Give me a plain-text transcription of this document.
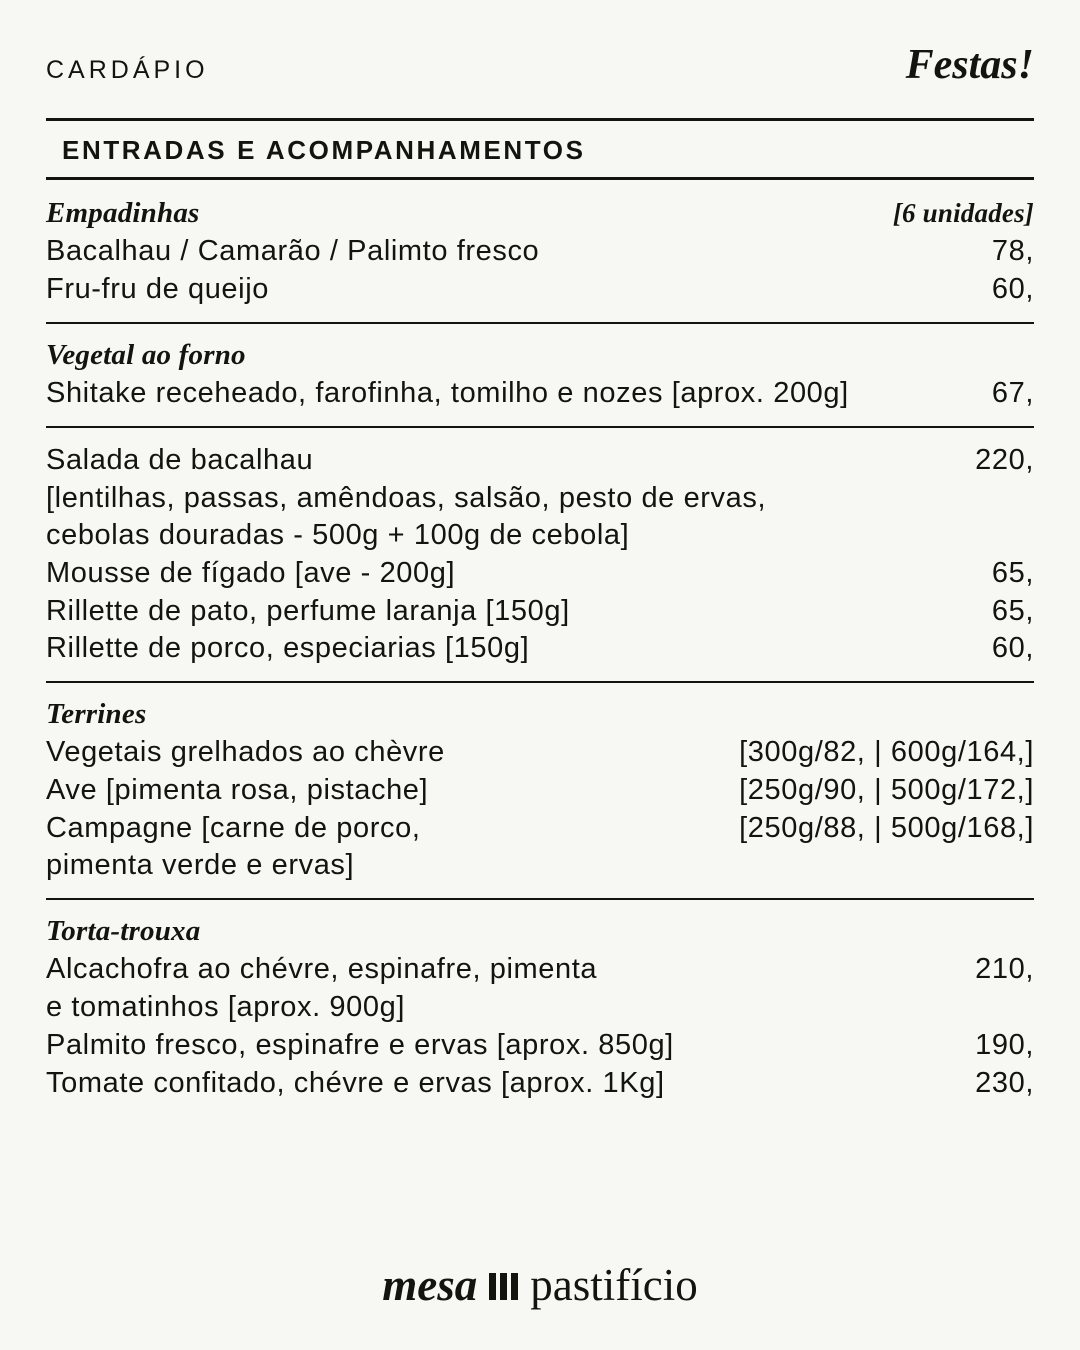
CARDÁPIO	Festas!
ENTRADAS E ACOMPANHAMENTOS
Empadinhas	[6 unidades]
Bacalhau / Camarão / Palimto fresco	78,
Fru-fru de queijo	60,
Vegetal ao forno
Shitake receheado, farofinha, tomilho e nozes [aprox. 200g]	67,
Salada de bacalhau	220,
[lentilhas, passas, amêndoas, salsão, pesto de ervas,
cebolas douradas - 500g + 100g de cebola]
Mousse de fígado [ave - 200g]	65,
Rillette de pato, perfume laranja [150g]	65,
Rillette de porco, especiarias [150g]	60,
Terrines
Vegetais grelhados ao chèvre	[300g/82, | 600g/164,]
Ave [pimenta rosa, pistache]	[250g/90, | 500g/172,]
Campagne [carne de porco,	[250g/88, | 500g/168,]
pimenta verde e ervas]
Torta-trouxa
Alcachofra ao chévre, espinafre, pimenta	210,
e tomatinhos [aprox. 900g]
Palmito fresco, espinafre e ervas [aprox. 850g]	190,
Tomate confitado, chévre e ervas [aprox. 1Kg]	230,
mesa pastifício
